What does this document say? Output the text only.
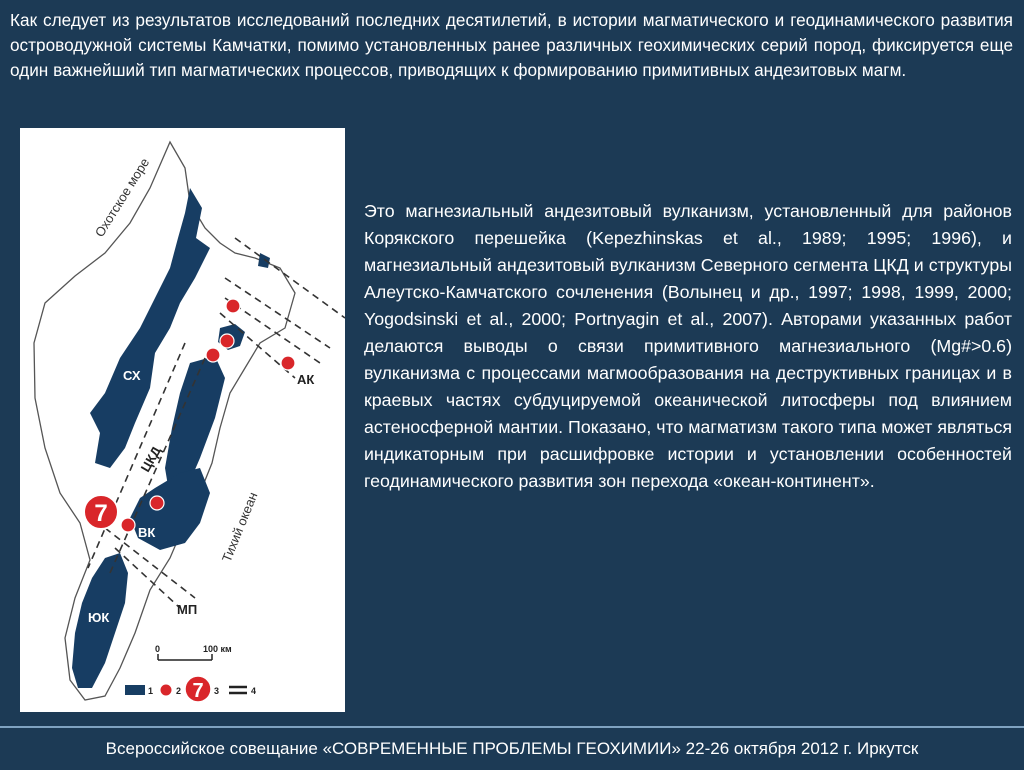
Как следует из результатов исследований последних десятилетий, в истории магматического и геодинамического развития островодужной системы Камчатки, помимо установленных ранее различных геохимических серий пород, фиксируется еще один важнейший тип магматических процессов, приводящих к формированию примитивных андезитовых магм.

7
СХ	АК
ВК
ЮК
МП
ЦКД
Охотское море
Тихий океан
0	100 км
1	2 7 3	4

Это магнезиальный андезитовый вулканизм, установленный для районов Корякского перешейка (Kepezhinskas et al., 1989; 1995; 1996), и магнезиальный андезитовый вулканизм Северного сегмента ЦКД и структуры Алеутско-Камчатского сочленения (Волынец и др., 1997; 1998, 1999, 2000; Yogodsinski et al., 2000; Portnyagin et al., 2007). Авторами указанных работ делаются выводы о связи примитивного магнезиального (Mg#>0.6) вулканизма с процессами магмообразования на деструктивных границах и в краевых частях субдуцируемой океанической литосферы под влиянием астеносферной мантии. Показано, что магматизм такого типа может являться индикаторным при расшифровке истории и установлении особенностей геодинамического развития зон перехода «океан-континент».

Всероссийское совещание «СОВРЕМЕННЫЕ ПРОБЛЕМЫ ГЕОХИМИИ» 22-26 октября 2012 г. Иркутск
